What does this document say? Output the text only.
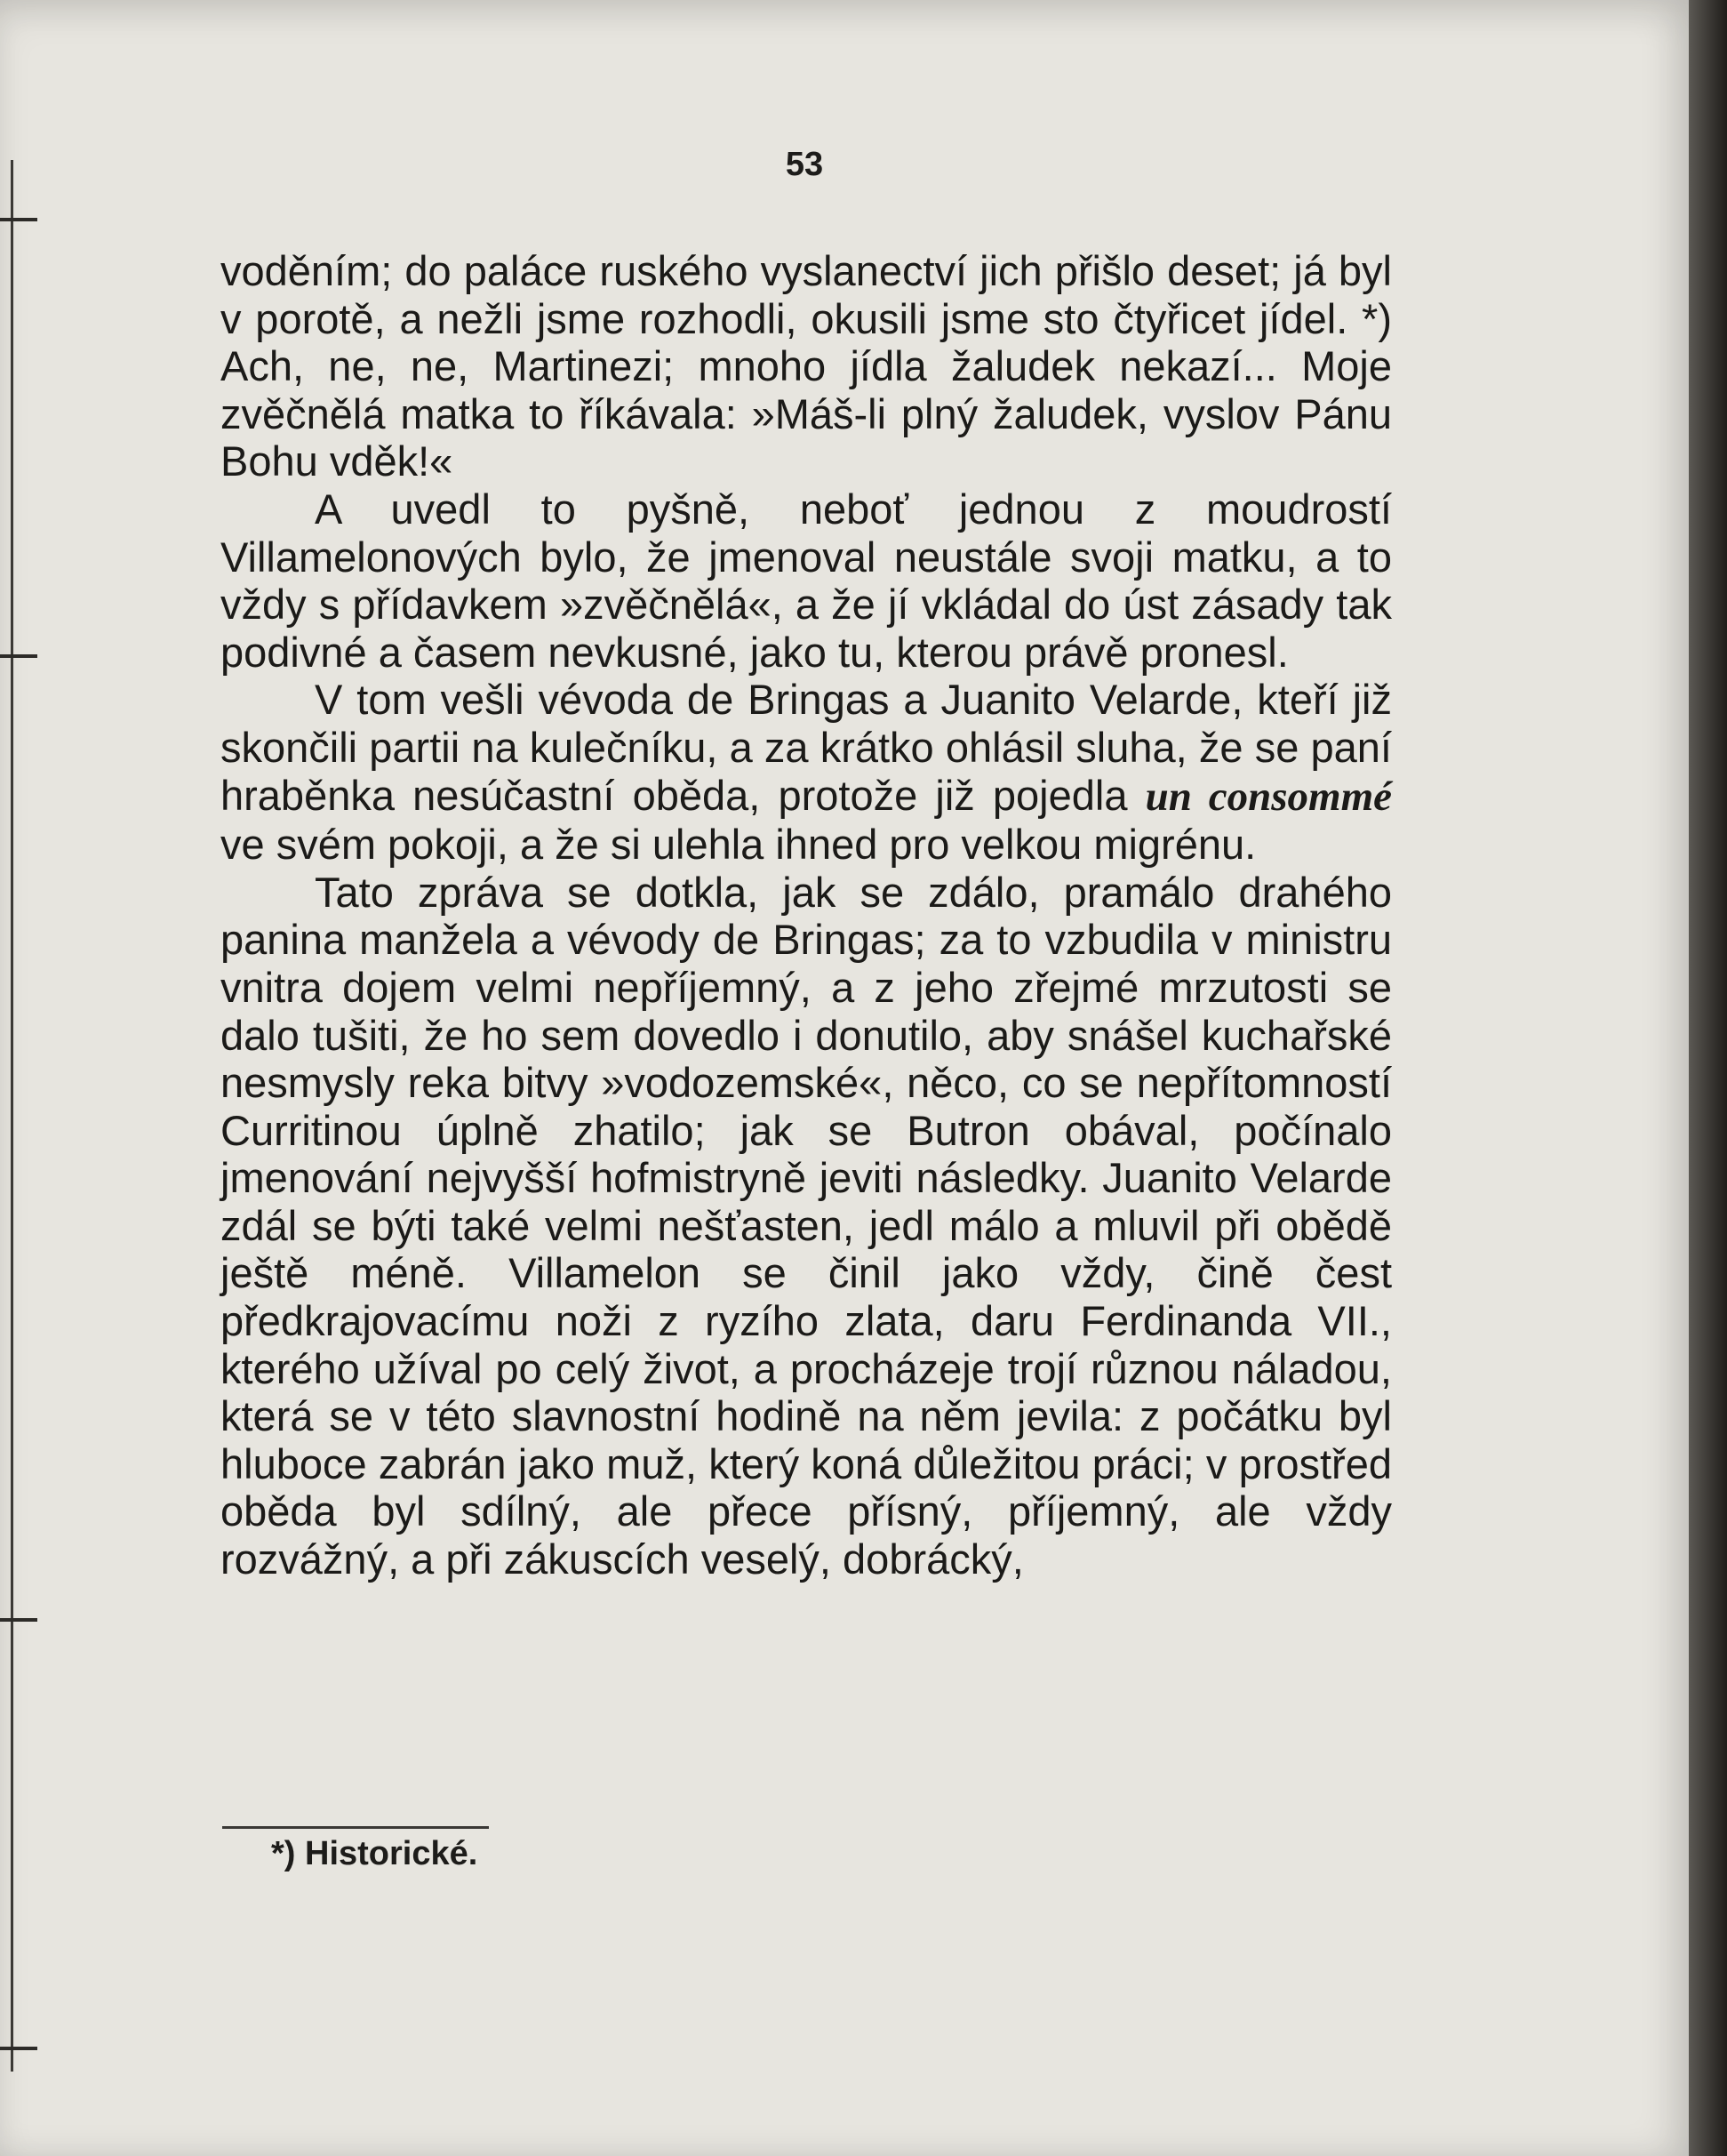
53

voděním; do paláce ruského vyslanectví jich přišlo deset; já byl v porotě, a nežli jsme rozhodli, okusili jsme sto čtyřicet jídel. *) Ach, ne, ne, Martinezi; mnoho jídla žaludek nekazí... Moje zvěčnělá matka to říkávala: »Máš-li plný žaludek, vyslov Pánu Bohu vděk!«

A uvedl to pyšně, neboť jednou z moudrostí Villamelonových bylo, že jmenoval neustále svoji matku, a to vždy s přídavkem »zvěčnělá«, a že jí vkládal do úst zásady tak podivné a časem nevkusné, jako tu, kterou právě pronesl.

V tom vešli vévoda de Bringas a Juanito Velarde, kteří již skončili partii na kulečníku, a za krátko ohlásil sluha, že se paní hraběnka nesúčastní oběda, protože již pojedla un consommé ve svém pokoji, a že si ulehla ihned pro velkou migrénu.

Tato zpráva se dotkla, jak se zdálo, pramálo drahého panina manžela a vévody de Bringas; za to vzbudila v ministru vnitra dojem velmi nepříjemný, a z jeho zřejmé mrzutosti se dalo tušiti, že ho sem dovedlo i donutilo, aby snášel kuchařské nesmysly reka bitvy »vodozemské«, něco, co se nepřítomností Curritinou úplně zhatilo; jak se Butron obával, počínalo jmenování nejvyšší hofmistryně jeviti následky. Juanito Velarde zdál se býti také velmi nešťasten, jedl málo a mluvil při obědě ještě méně. Villamelon se činil jako vždy, čině čest předkrajovacímu noži z ryzího zlata, daru Ferdinanda VII., kterého užíval po celý život, a procházeje trojí různou náladou, která se v této slavnostní hodině na něm jevila: z počátku byl hluboce zabrán jako muž, který koná důležitou práci; v prostřed oběda byl sdílný, ale přece přísný, příjemný, ale vždy rozvážný, a při zákuscích veselý, dobrácký,

*) Historické.
